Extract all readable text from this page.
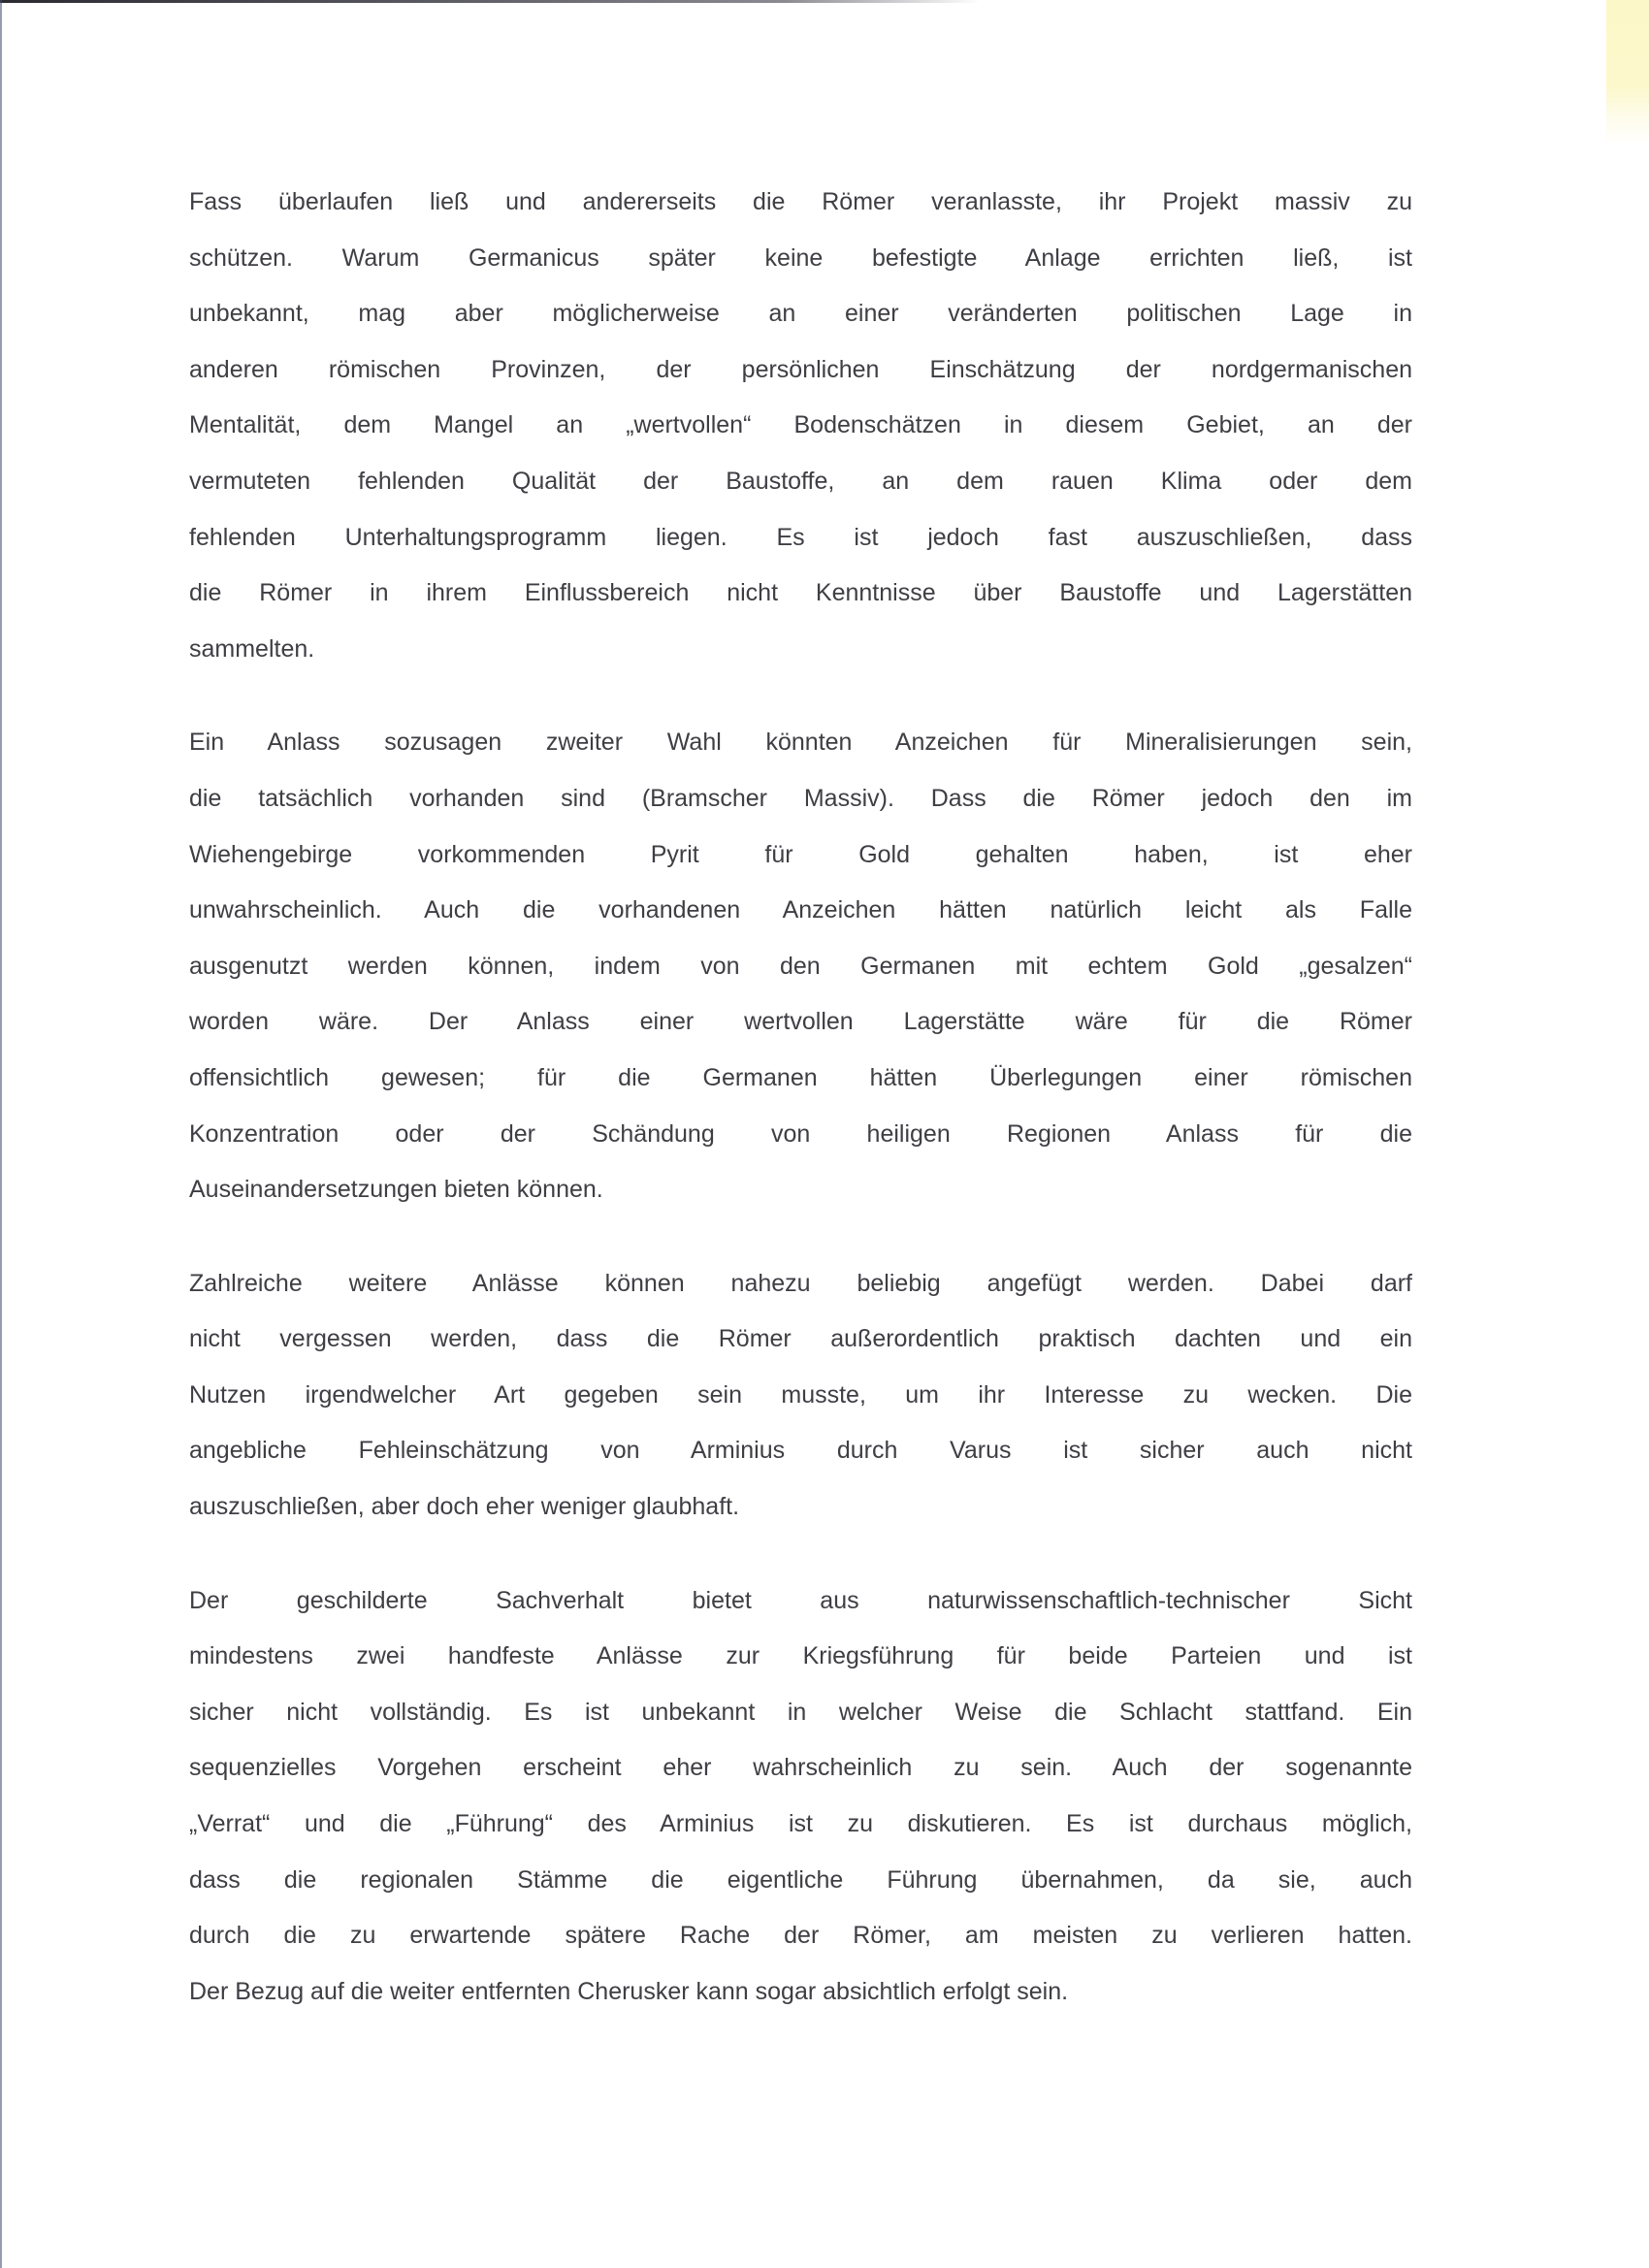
Fass überlaufen ließ und andererseits die Römer veranlasste, ihr Projekt massiv zu
schützen. Warum Germanicus später keine befestigte Anlage errichten ließ, ist
unbekannt, mag aber möglicherweise an einer veränderten politischen Lage in
anderen römischen Provinzen, der persönlichen Einschätzung der nordgermanischen
Mentalität, dem Mangel an „wertvollen“ Bodenschätzen in diesem Gebiet, an der
vermuteten fehlenden Qualität der Baustoffe, an dem rauen Klima oder dem
fehlenden Unterhaltungsprogramm liegen. Es ist jedoch fast auszuschließen, dass
die Römer in ihrem Einflussbereich nicht Kenntnisse über Baustoffe und Lagerstätten
sammelten.
Ein Anlass sozusagen zweiter Wahl könnten Anzeichen für Mineralisierungen sein,
die tatsächlich vorhanden sind (Bramscher Massiv). Dass die Römer jedoch den im
Wiehengebirge vorkommenden Pyrit für Gold gehalten haben, ist eher
unwahrscheinlich. Auch die vorhandenen Anzeichen hätten natürlich leicht als Falle
ausgenutzt werden können, indem von den Germanen mit echtem Gold „gesalzen“
worden wäre. Der Anlass einer wertvollen Lagerstätte wäre für die Römer
offensichtlich gewesen; für die Germanen hätten Überlegungen einer römischen
Konzentration oder der Schändung von heiligen Regionen Anlass für die
Auseinandersetzungen bieten können.
Zahlreiche weitere Anlässe können nahezu beliebig angefügt werden. Dabei darf
nicht vergessen werden, dass die Römer außerordentlich praktisch dachten und ein
Nutzen irgendwelcher Art gegeben sein musste, um ihr Interesse zu wecken. Die
angebliche Fehleinschätzung von Arminius durch Varus ist sicher auch nicht
auszuschließen, aber doch eher weniger glaubhaft.
Der geschilderte Sachverhalt bietet aus naturwissenschaftlich-technischer Sicht
mindestens zwei handfeste Anlässe zur Kriegsführung für beide Parteien und ist
sicher nicht vollständig. Es ist unbekannt in welcher Weise die Schlacht stattfand. Ein
sequenzielles Vorgehen erscheint eher wahrscheinlich zu sein. Auch der sogenannte
„Verrat“ und die „Führung“ des Arminius ist zu diskutieren. Es ist durchaus möglich,
dass die regionalen Stämme die eigentliche Führung übernahmen, da sie, auch
durch die zu erwartende spätere Rache der Römer, am meisten zu verlieren hatten.
Der Bezug auf die weiter entfernten Cherusker kann sogar absichtlich erfolgt sein.
